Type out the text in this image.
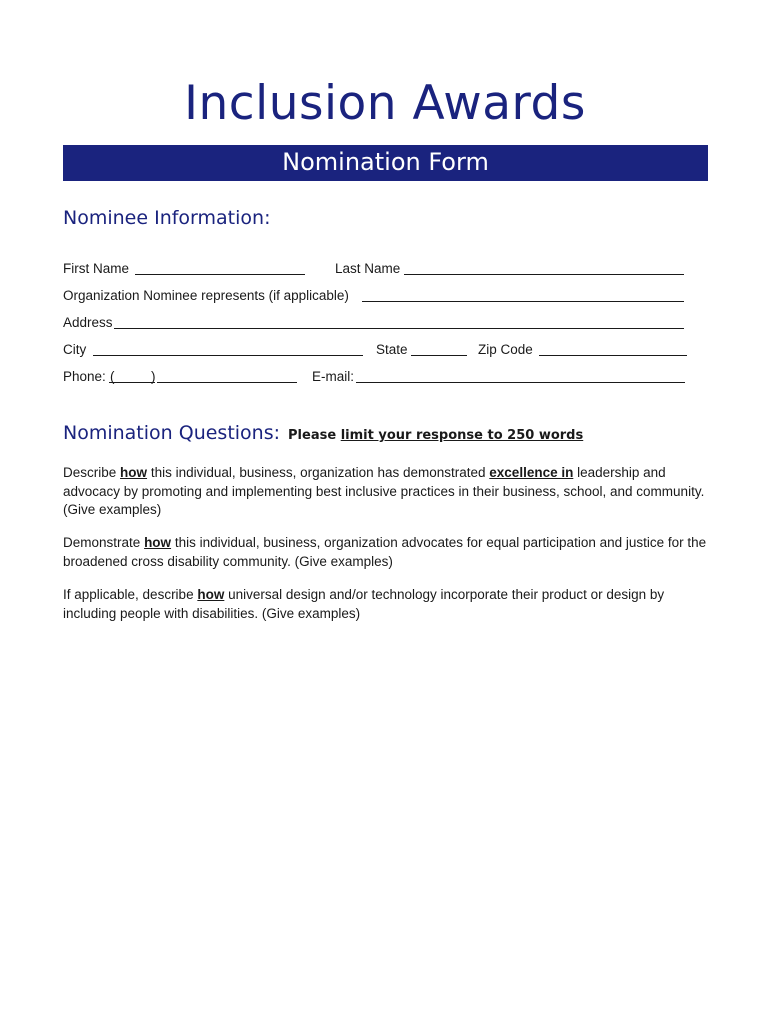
Inclusion Awards
Nomination Form
Nominee Information:
First Name	Last Name
Organization Nominee represents (if applicable)
Address
City	State	Zip Code
Phone: (	)	E-mail:
Nomination Questions: Please limit your response to 250 words
Describe how this individual, business, organization has demonstrated excellence in leadership and advocacy by promoting and implementing best inclusive practices in their business, school, and community. (Give examples)
Demonstrate how this individual, business, organization advocates for equal participation and justice for the broadened cross disability community. (Give examples)
If applicable, describe how universal design and/or technology incorporate their product or design by including people with disabilities. (Give examples)
